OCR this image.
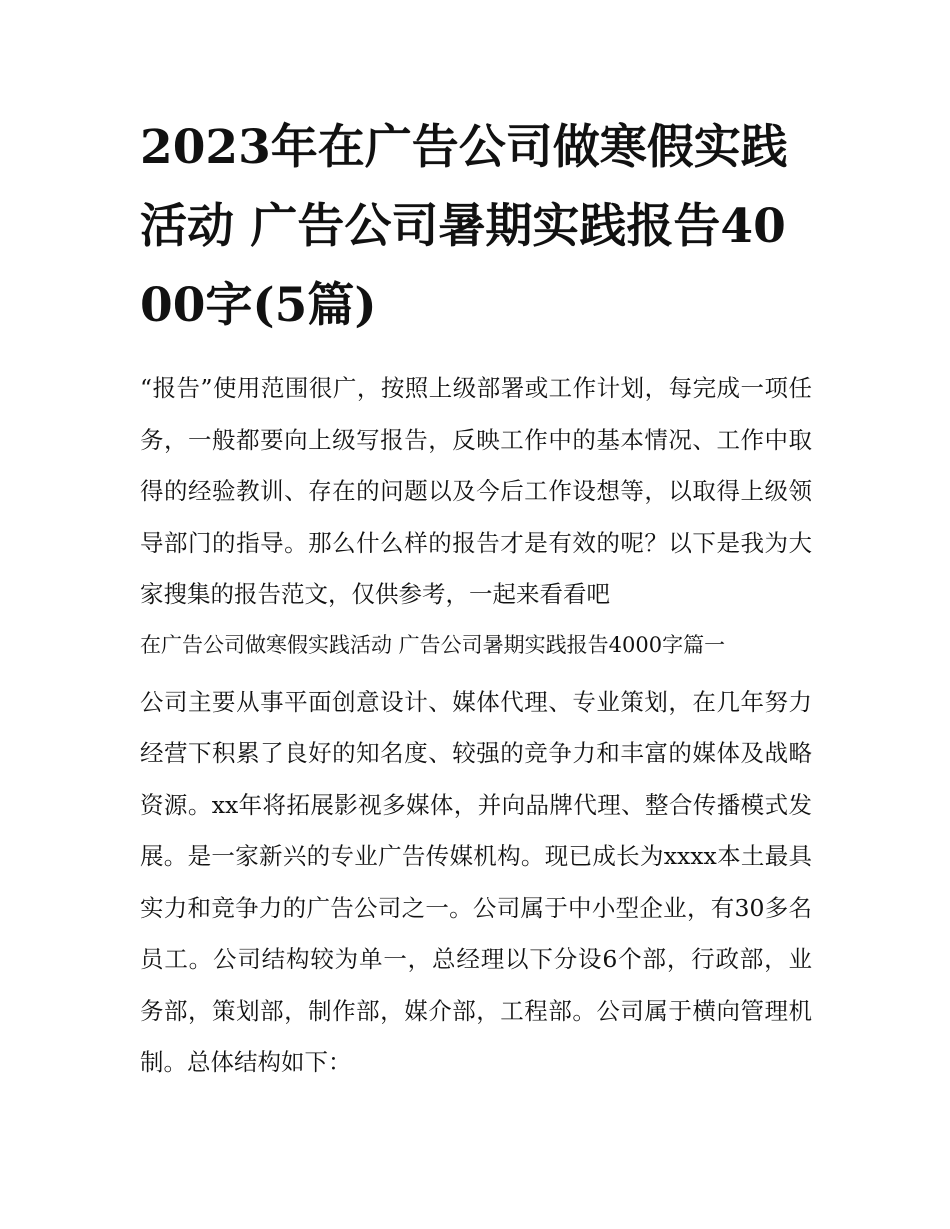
2023年在广告公司做寒假实践活动 广告公司暑期实践报告4000字(5篇)

“报告”使用范围很广，按照上级部署或工作计划，每完成一项任务，一般都要向上级写报告，反映工作中的基本情况、工作中取得的经验教训、存在的问题以及今后工作设想等，以取得上级领导部门的指导。那么什么样的报告才是有效的呢？以下是我为大家搜集的报告范文，仅供参考，一起来看看吧

在广告公司做寒假实践活动 广告公司暑期实践报告4000字篇一

公司主要从事平面创意设计、媒体代理、专业策划，在几年努力经营下积累了良好的知名度、较强的竞争力和丰富的媒体及战略资源。xx年将拓展影视多媒体，并向品牌代理、整合传播模式发展。是一家新兴的专业广告传媒机构。现已成长为xxxx本土最具实力和竞争力的广告公司之一。公司属于中小型企业，有30多名员工。公司结构较为单一，总经理以下分设6个部，行政部，业务部，策划部，制作部，媒介部，工程部。公司属于横向管理机制。总体结构如下：
